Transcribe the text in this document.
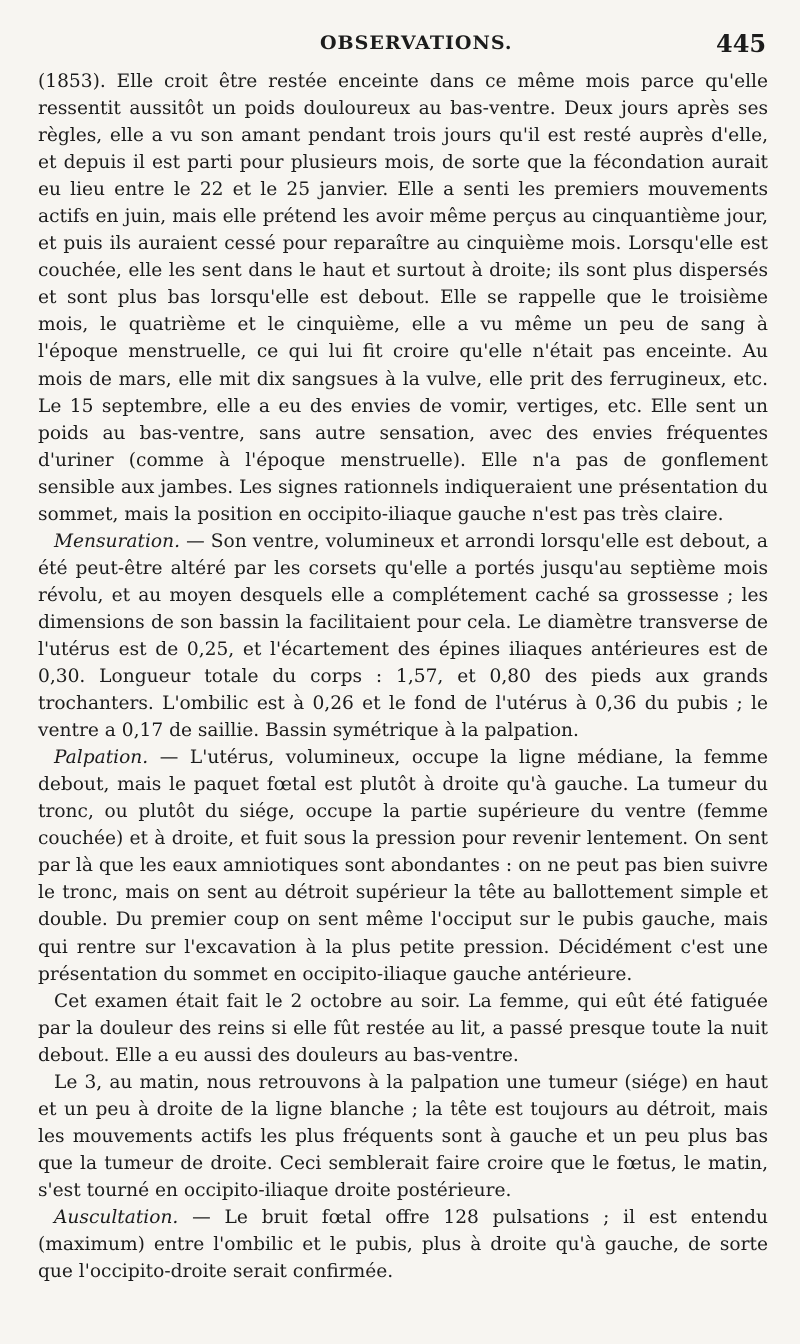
OBSERVATIONS.	445

(1853). Elle croit être restée enceinte dans ce même mois parce qu'elle ressentit aussitôt un poids douloureux au bas-ventre. Deux jours après ses règles, elle a vu son amant pendant trois jours qu'il est resté auprès d'elle, et depuis il est parti pour plusieurs mois, de sorte que la fécondation aurait eu lieu entre le 22 et le 25 janvier. Elle a senti les premiers mouvements actifs en juin, mais elle prétend les avoir même perçus au cinquantième jour, et puis ils auraient cessé pour reparaître au cinquième mois. Lorsqu'elle est couchée, elle les sent dans le haut et surtout à droite; ils sont plus dispersés et sont plus bas lorsqu'elle est debout. Elle se rappelle que le troisième mois, le quatrième et le cinquième, elle a vu même un peu de sang à l'époque menstruelle, ce qui lui fit croire qu'elle n'était pas enceinte. Au mois de mars, elle mit dix sangsues à la vulve, elle prit des ferrugineux, etc. Le 15 septembre, elle a eu des envies de vomir, vertiges, etc. Elle sent un poids au bas-ventre, sans autre sensation, avec des envies fréquentes d'uriner (comme à l'époque menstruelle). Elle n'a pas de gonflement sensible aux jambes. Les signes rationnels indiqueraient une présentation du sommet, mais la position en occipito-iliaque gauche n'est pas très claire.

Mensuration. — Son ventre, volumineux et arrondi lorsqu'elle est debout, a été peut-être altéré par les corsets qu'elle a portés jusqu'au septième mois révolu, et au moyen desquels elle a complétement caché sa grossesse ; les dimensions de son bassin la facilitaient pour cela. Le diamètre transverse de l'utérus est de 0,25, et l'écartement des épines iliaques antérieures est de 0,30. Longueur totale du corps : 1,57, et 0,80 des pieds aux grands trochanters. L'ombilic est à 0,26 et le fond de l'utérus à 0,36 du pubis ; le ventre a 0,17 de saillie. Bassin symétrique à la palpation.

Palpation. — L'utérus, volumineux, occupe la ligne médiane, la femme debout, mais le paquet fœtal est plutôt à droite qu'à gauche. La tumeur du tronc, ou plutôt du siége, occupe la partie supérieure du ventre (femme couchée) et à droite, et fuit sous la pression pour revenir lentement. On sent par là que les eaux amniotiques sont abondantes : on ne peut pas bien suivre le tronc, mais on sent au détroit supérieur la tête au ballottement simple et double. Du premier coup on sent même l'occiput sur le pubis gauche, mais qui rentre sur l'excavation à la plus petite pression. Décidément c'est une présentation du sommet en occipito-iliaque gauche antérieure.

Cet examen était fait le 2 octobre au soir. La femme, qui eût été fatiguée par la douleur des reins si elle fût restée au lit, a passé presque toute la nuit debout. Elle a eu aussi des douleurs au bas-ventre.

Le 3, au matin, nous retrouvons à la palpation une tumeur (siége) en haut et un peu à droite de la ligne blanche ; la tête est toujours au détroit, mais les mouvements actifs les plus fréquents sont à gauche et un peu plus bas que la tumeur de droite. Ceci semblerait faire croire que le fœtus, le matin, s'est tourné en occipito-iliaque droite postérieure.

Auscultation. — Le bruit fœtal offre 128 pulsations ; il est entendu (maximum) entre l'ombilic et le pubis, plus à droite qu'à gauche, de sorte que l'occipito-droite serait confirmée.
